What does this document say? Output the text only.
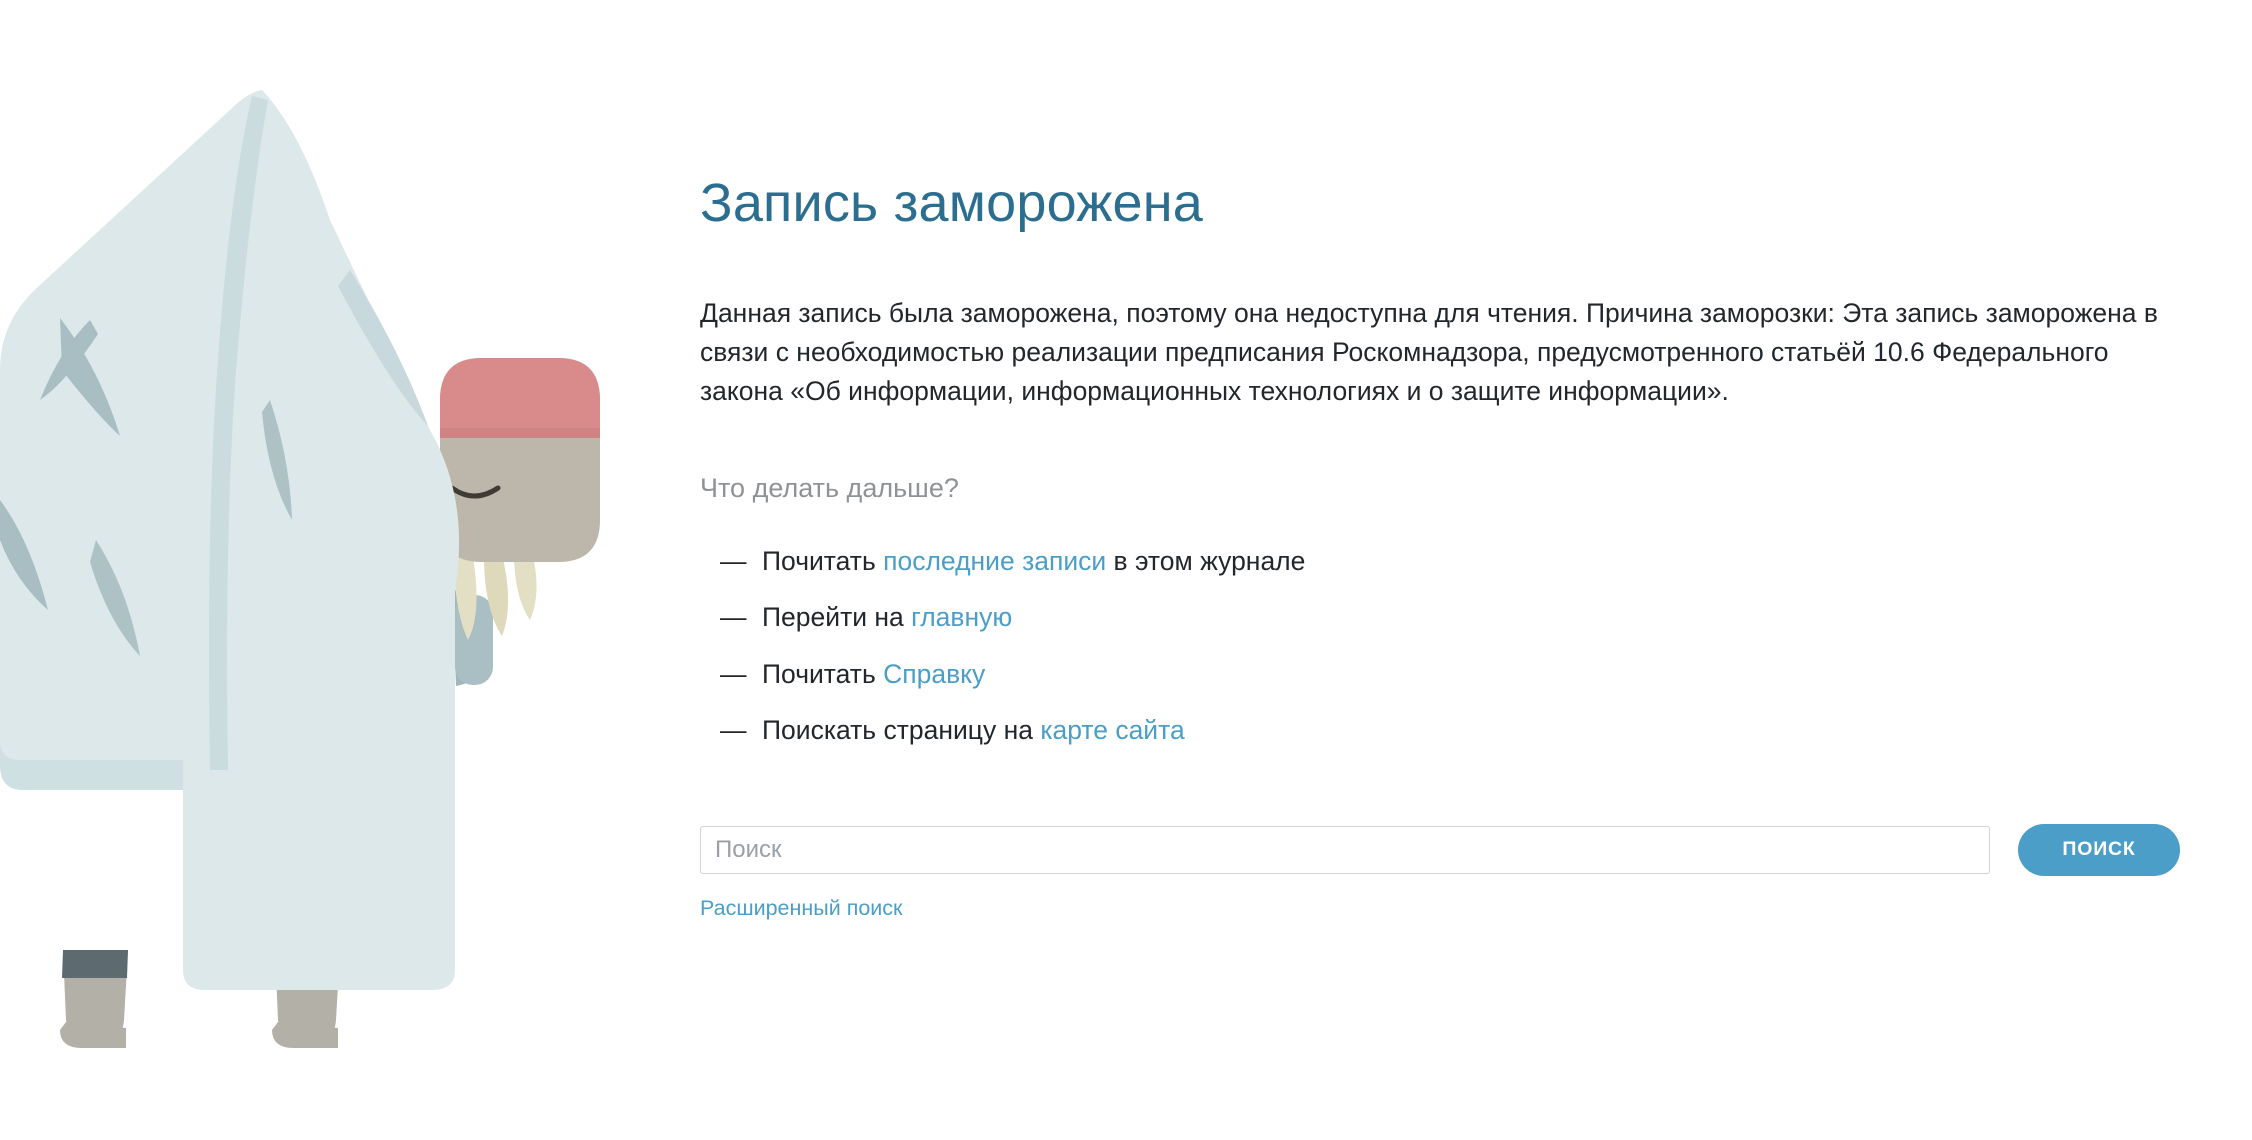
Запись заморожена

Данная запись была заморожена, поэтому она недоступна для чтения. Причина заморозки: Эта запись заморожена в связи с необходимостью реализации предписания Роскомнадзора, предусмотренного статьёй 10.6 Федерального закона «Об информации, информационных технологиях и о защите информации».

Что делать дальше?

— Почитать последние записи в этом журнале
— Перейти на главную
— Почитать Справку
— Поискать страницу на карте сайта
Поиск
ПОИСК
Расширенный поиск
